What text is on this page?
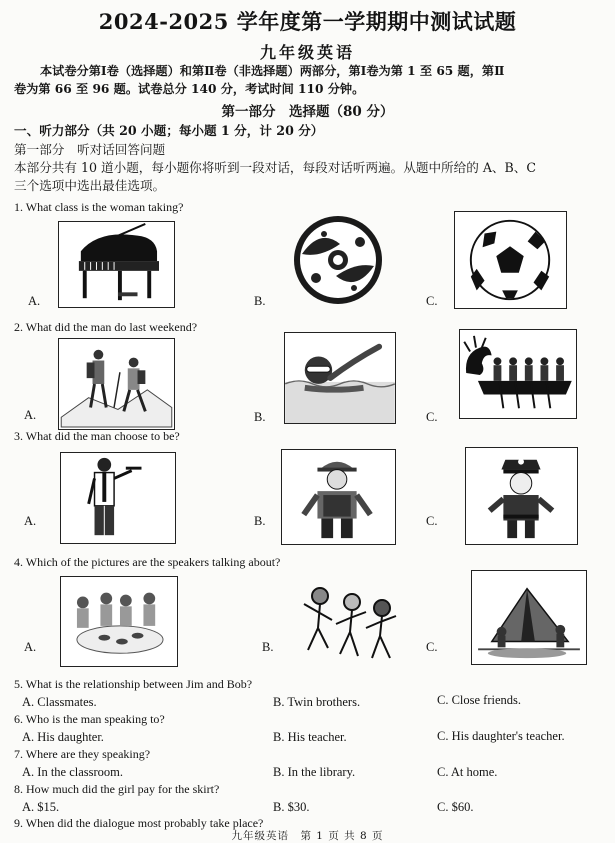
2024-2025 学年度第一学期期中测试试题
九年级英语
本试卷分第Ⅰ卷（选择题）和第Ⅱ卷（非选择题）两部分，第Ⅰ卷为第 1 至 65 题，第Ⅱ
卷为第 66 至 96 题。试卷总分 140 分，考试时间 110 分钟。
第一部分　选择题（80 分）
一、听力部分（共 20 小题；每小题 1 分，计 20 分）
第一部分　听对话回答问题
本部分共有 10 道小题，每小题你将听到一段对话，每段对话听两遍。从题中所给的 A、B、C
三个选项中选出最佳选项。
1. What class is the woman taking?
A.	B.	C.
2. What did the man do last weekend?
A.	B.	C.
3. What did the man choose to be?
A.	B.	C.
4. Which of the pictures are the speakers talking about?
A.	B.	C.
5. What is the relationship between Jim and Bob?
A. Classmates.	B. Twin brothers.	C. Close friends.
6. Who is the man speaking to?
A. His daughter.	B. His teacher.	C. His daughter's teacher.
7. Where are they speaking?
A. In the classroom.	B. In the library.	C. At home.
8. How much did the girl pay for the skirt?
A. $15.	B. $30.	C. $60.
9. When did the dialogue most probably take place?
九年级英语　第 1 页 共 8 页
